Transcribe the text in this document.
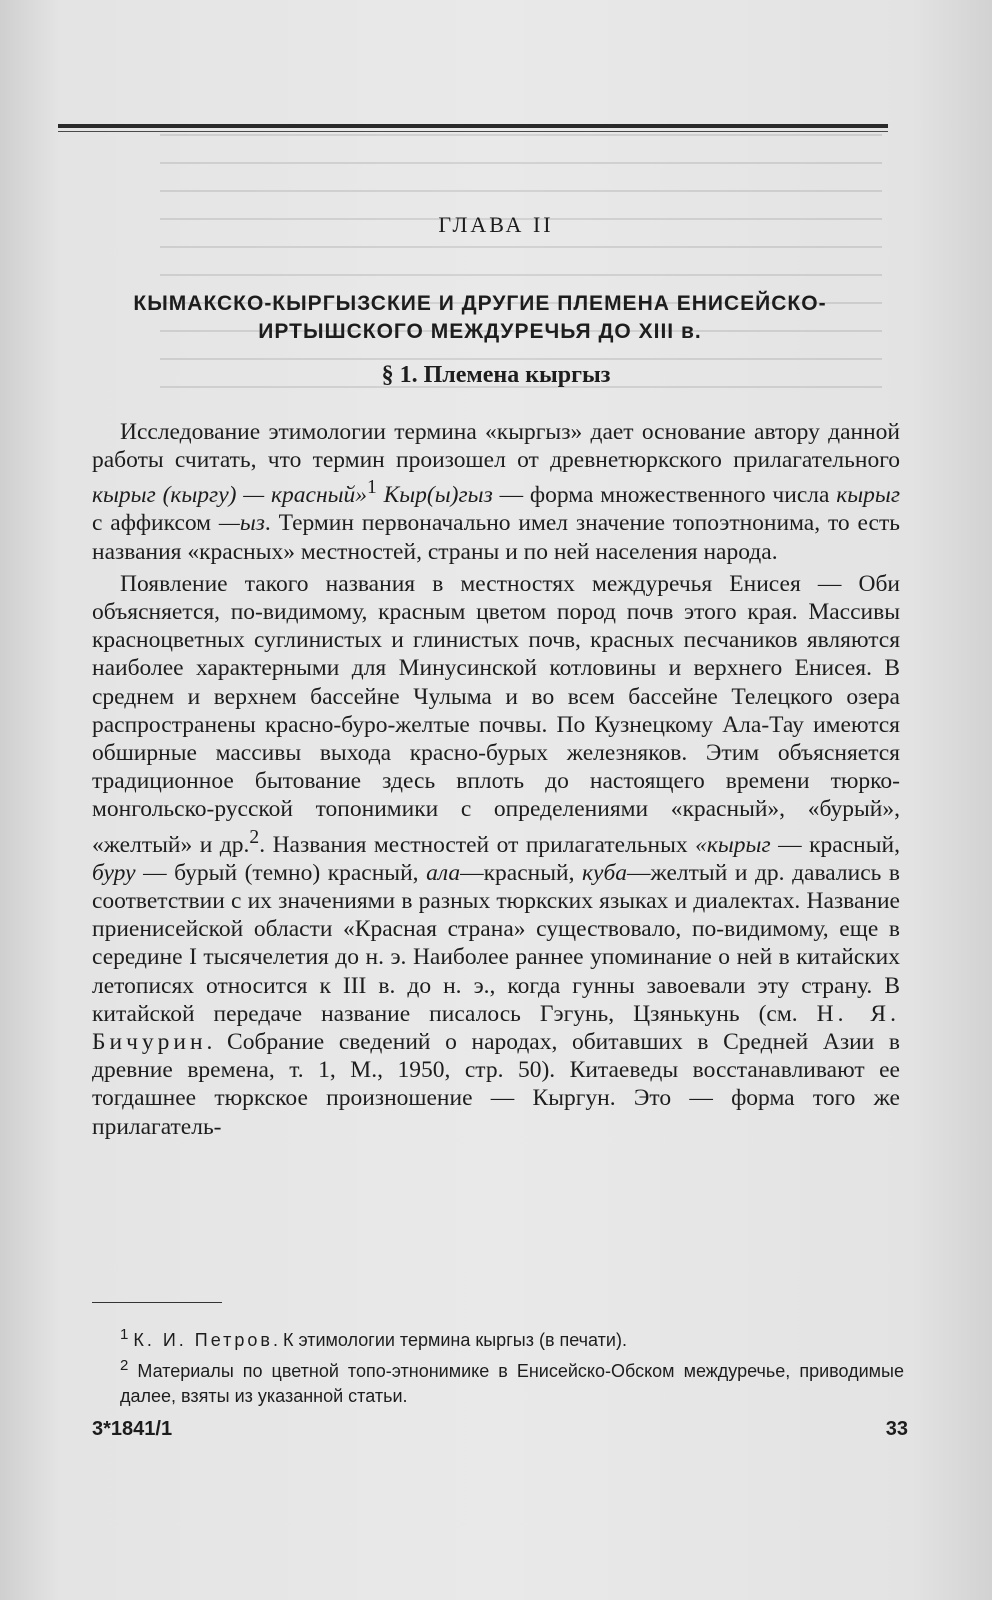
ГЛАВА II
КЫМАКСКО-КЫРГЫЗСКИЕ И ДРУГИЕ ПЛЕМЕНА ЕНИСЕЙСКО-
ИРТЫШСКОГО МЕЖДУРЕЧЬЯ ДО XIII в.
§ 1. Племена кыргыз

Исследование этимологии термина «кыргыз» дает основание автору данной работы считать, что термин произошел от древнетюркского прилагательного кырыг (кыргу) — красный»$^1$ Кыр(ы)гыз — форма множественного числа кырыг с аффиксом —ыз. Термин первоначально имел значение топоэтнонима, то есть названия «красных» местностей, страны и по ней населения народа.

Появление такого названия в местностях междуречья Енисея — Оби объясняется, по-видимому, красным цветом пород почв этого края. Массивы красноцветных суглинистых и глинистых почв, красных песчаников являются наиболее характерными для Минусинской котловины и верхнего Енисея. В среднем и верхнем бассейне Чулыма и во всем бассейне Телецкого озера распространены красно-буро-желтые почвы. По Кузнецкому Ала-Тау имеются обширные массивы выхода красно-бурых железняков. Этим объясняется традиционное бытование здесь вплоть до настоящего времени тюрко-монгольско-русской топонимики с определениями «красный», «бурый», «желтый» и др.$^2$. Названия местностей от прилагательных «кырыг — красный, буру — бурый (темно) красный, ала—красный, куба—желтый и др. давались в соответствии с их значениями в разных тюркских языках и диалектах. Название приенисейской области «Красная страна» существовало, по-видимому, еще в середине I тысячелетия до н. э. Наиболее раннее упоминание о ней в китайских летописях относится к III в. до н. э., когда гунны завоевали эту страну. В китайской передаче название писалось Гэгунь, Цзянькунь (см. Н. Я. Бичурин. Собрание сведений о народах, обитавших в Средней Азии в древние времена, т. 1, М., 1950, стр. 50). Китаеведы восстанавливают ее тогдашнее тюркское произношение — Кыргун. Это — форма того же прилагатель-

$^1$ К. И. Петров. К этимологии термина кыргыз (в печати).

$^2$ Материалы по цветной топо-этнонимике в Енисейско-Обском междуречье, приводимые далее, взяты из указанной статьи.

3*1841/1	33
